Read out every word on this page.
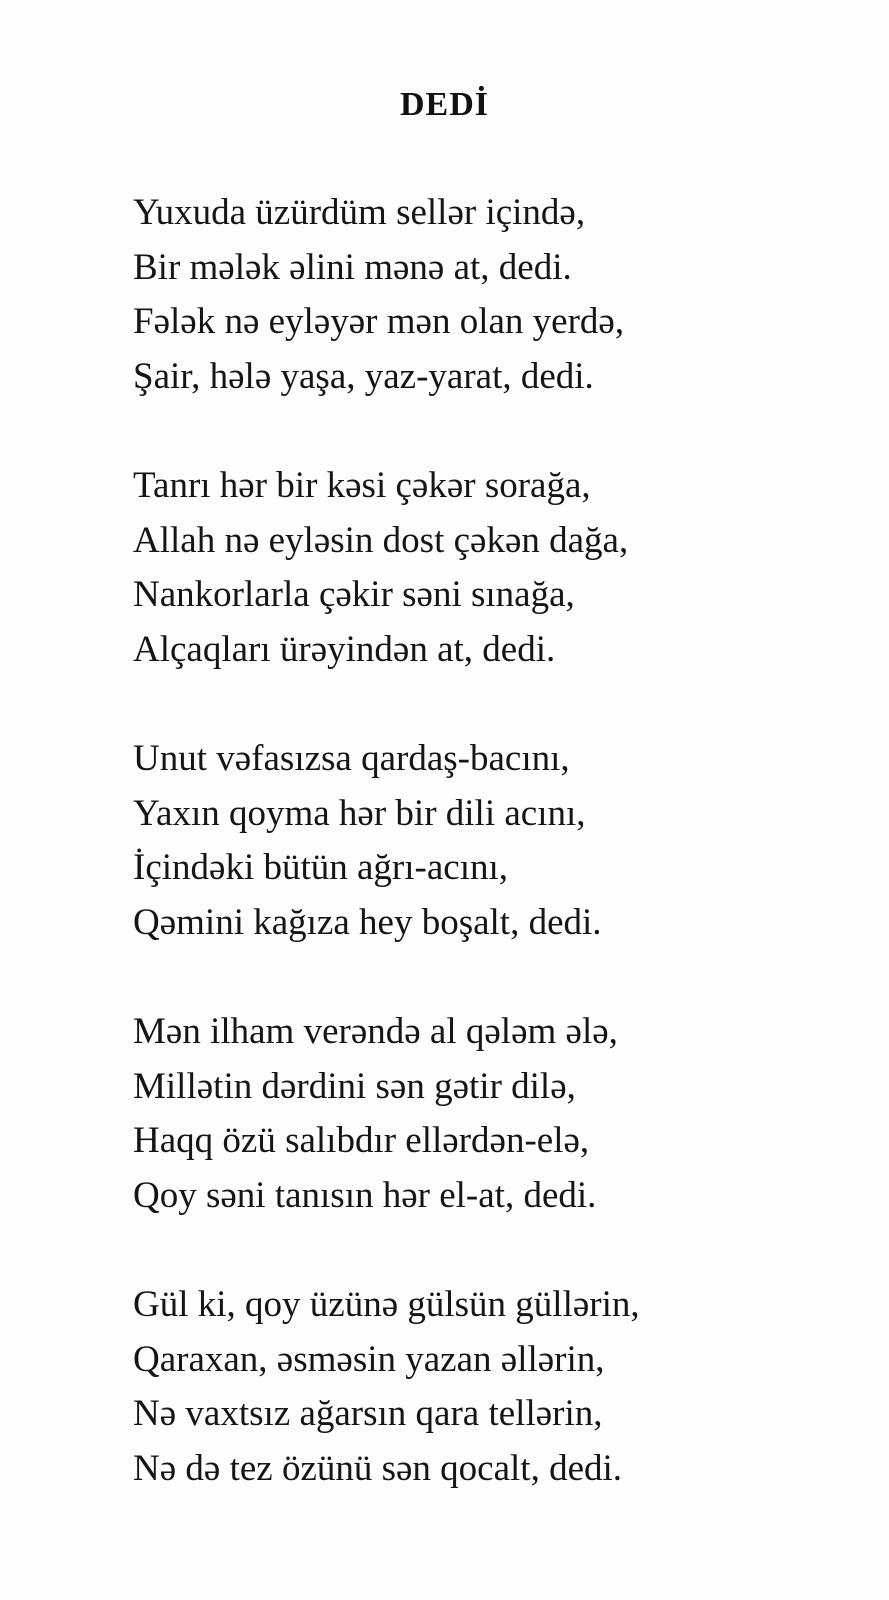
DEDİ
Yuxuda üzürdüm sellər içində,
Bir mələk əlini mənə at, dedi.
Fələk nə eyləyər mən olan yerdə,
Şair, hələ yaşa, yaz-yarat, dedi.
Tanrı hər bir kəsi çəkər sorağa,
Allah nə eyləsin dost çəkən dağa,
Nankorlarla çəkir səni sınağa,
Alçaqları ürəyindən at, dedi.
Unut vəfasızsa qardaş-bacını,
Yaxın qoyma hər bir dili acını,
İçindəki bütün ağrı-acını,
Qəmini kağıza hey boşalt, dedi.
Mən ilham verəndə al qələm ələ,
Millətin dərdini sən gətir dilə,
Haqq özü salıbdır ellərdən-elə,
Qoy səni tanısın hər el-at, dedi.
Gül ki, qoy üzünə gülsün güllərin,
Qaraxan, əsməsin yazan əllərin,
Nə vaxtsız ağarsın qara tellərin,
Nə də tez özünü sən qocalt, dedi.
